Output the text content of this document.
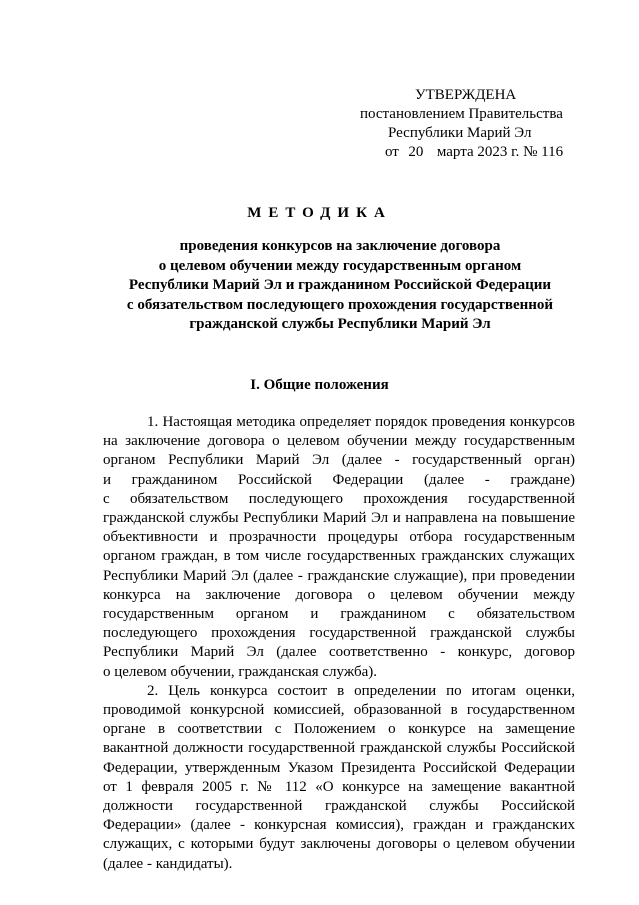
УТВЕРЖДЕНА
постановлением Правительства
Республики Марий Эл
от 20 марта 2023 г. № 116
МЕТОДИКА
проведения конкурсов на заключение договора
о целевом обучении между государственным органом
Республики Марий Эл и гражданином Российской Федерации
с обязательством последующего прохождения государственной
гражданской службы Республики Марий Эл
I. Общие положения

1. Настоящая методика определяет порядок проведения конкурсов
на заключение договора о целевом обучении между государственным
органом Республики Марий Эл (далее - государственный орган)
и гражданином Российской Федерации (далее - граждане)
с обязательством последующего прохождения государственной
гражданской службы Республики Марий Эл и направлена на повышение
объективности и прозрачности процедуры отбора государственным
органом граждан, в том числе государственных гражданских служащих
Республики Марий Эл (далее - гражданские служащие), при проведении
конкурса на заключение договора о целевом обучении между
государственным органом и гражданином с обязательством
последующего прохождения государственной гражданской службы
Республики Марий Эл (далее соответственно - конкурс, договор
о целевом обучении, гражданская служба).

2. Цель конкурса состоит в определении по итогам оценки,
проводимой конкурсной комиссией, образованной в государственном
органе в соответствии с Положением о конкурсе на замещение
вакантной должности государственной гражданской службы Российской
Федерации, утвержденным Указом Президента Российской Федерации
от 1 февраля 2005 г. № 112 «О конкурсе на замещение вакантной
должности государственной гражданской службы Российской
Федерации» (далее - конкурсная комиссия), граждан и гражданских
служащих, с которыми будут заключены договоры о целевом обучении
(далее - кандидаты).
